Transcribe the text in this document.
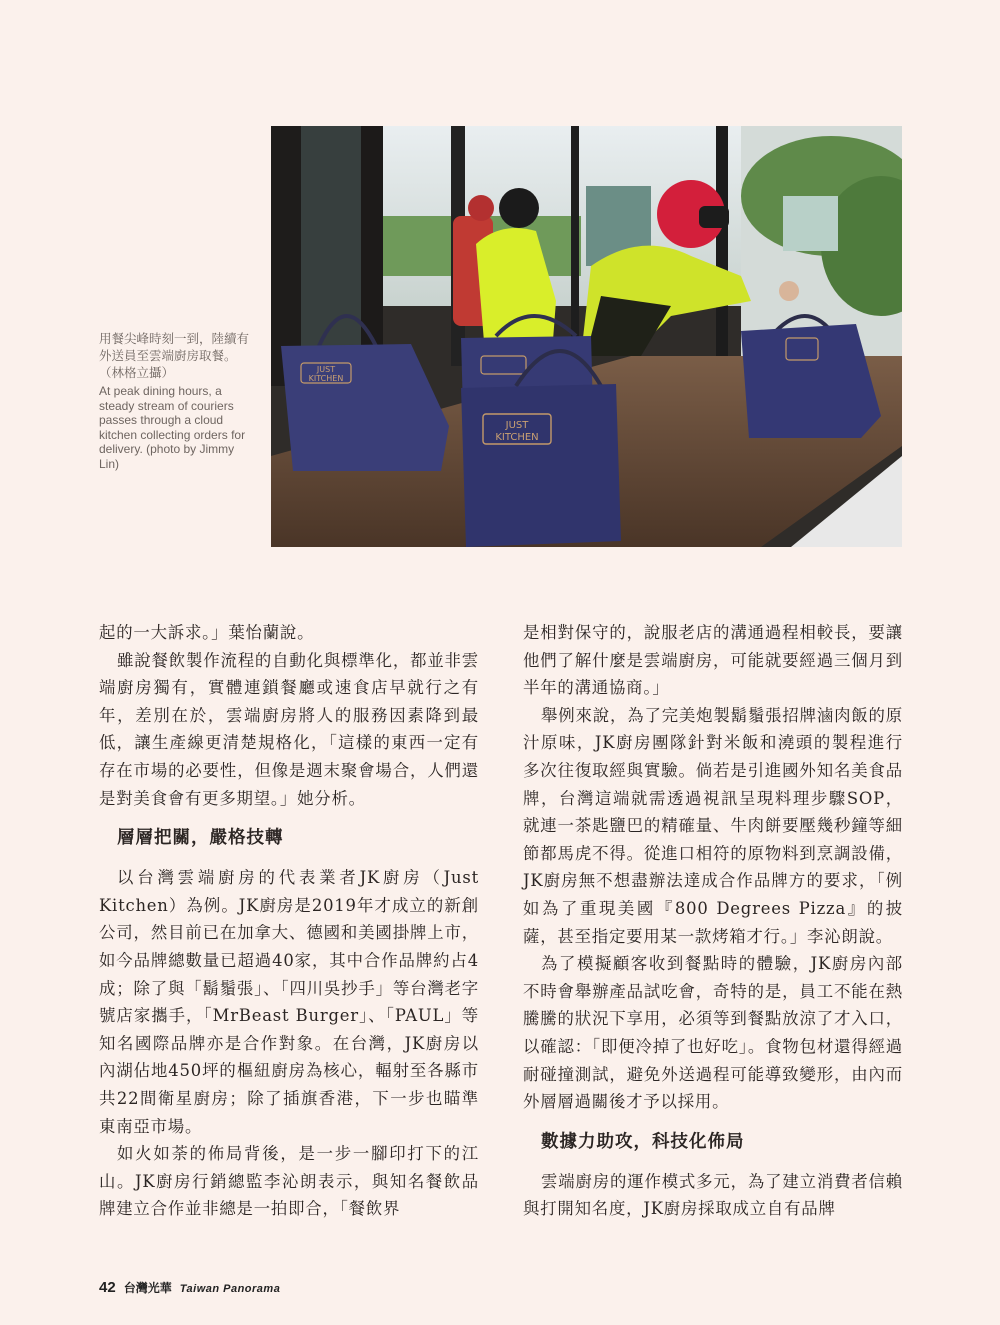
JUST
KITCHEN
JUST
KITCHEN

用餐尖峰時刻一到，陸續有外送員至雲端廚房取餐。（林格立攝）

At peak dining hours, a steady stream of couriers passes through a cloud kitchen collecting orders for delivery. (photo by Jimmy Lin)

起的一大訴求。」葉怡蘭說。

雖說餐飲製作流程的自動化與標準化，都並非雲端廚房獨有，實體連鎖餐廳或速食店早就行之有年，差別在於，雲端廚房將人的服務因素降到最低，讓生產線更清楚規格化，「這樣的東西一定有存在市場的必要性，但像是週末聚會場合，人們還是對美食會有更多期望。」她分析。

層層把關，嚴格技轉

以台灣雲端廚房的代表業者JK廚房（Just Kitchen）為例。JK廚房是2019年才成立的新創公司，然目前已在加拿大、德國和美國掛牌上市，如今品牌總數量已超過40家，其中合作品牌約占4成；除了與「鬍鬚張」、「四川吳抄手」等台灣老字號店家攜手，「MrBeast Burger」、「PAUL」等知名國際品牌亦是合作對象。在台灣，JK廚房以內湖佔地450坪的樞紐廚房為核心，輻射至各縣市共22間衛星廚房；除了插旗香港，下一步也瞄準東南亞市場。

如火如荼的佈局背後，是一步一腳印打下的江山。JK廚房行銷總監李沁朗表示，與知名餐飲品牌建立合作並非總是一拍即合，「餐飲界

是相對保守的，說服老店的溝通過程相較長，要讓他們了解什麼是雲端廚房，可能就要經過三個月到半年的溝通協商。」

舉例來說，為了完美炮製鬍鬚張招牌滷肉飯的原汁原味，JK廚房團隊針對米飯和澆頭的製程進行多次往復取經與實驗。倘若是引進國外知名美食品牌，台灣這端就需透過視訊呈現料理步驟SOP，就連一茶匙鹽巴的精確量、牛肉餅要壓幾秒鐘等細節都馬虎不得。從進口相符的原物料到烹調設備，JK廚房無不想盡辦法達成合作品牌方的要求，「例如為了重現美國『800 Degrees Pizza』的披薩，甚至指定要用某一款烤箱才行。」李沁朗說。

為了模擬顧客收到餐點時的體驗，JK廚房內部不時會舉辦產品試吃會，奇特的是，員工不能在熱騰騰的狀況下享用，必須等到餐點放涼了才入口，以確認：「即便冷掉了也好吃」。食物包材還得經過耐碰撞測試，避免外送過程可能導致變形，由內而外層層過關後才予以採用。

數據力助攻，科技化佈局

雲端廚房的運作模式多元，為了建立消費者信賴與打開知名度，JK廚房採取成立自有品牌

42 台灣光華 Taiwan Panorama
